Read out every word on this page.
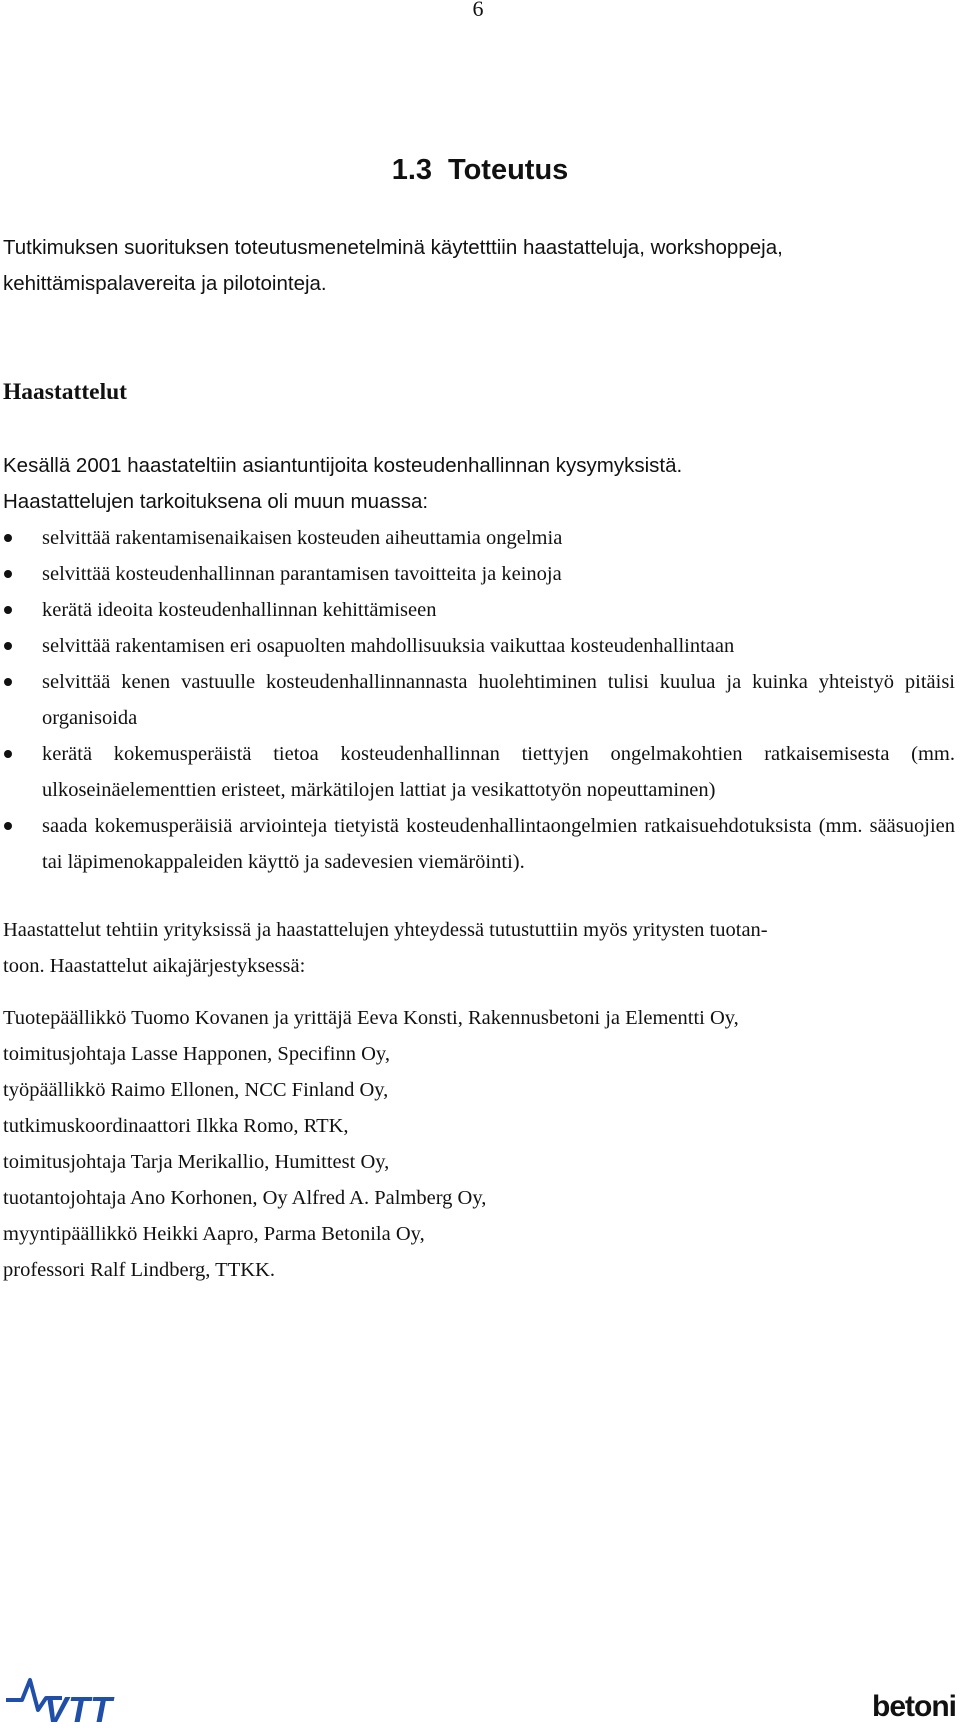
6
1.3 Toteutus

Tutkimuksen suorituksen toteutusmenetelminä käytetttiin haastatteluja, workshoppeja,

kehittämispalavereita ja pilotointeja.

Haastattelut
Kesällä 2001 haastateltiin asiantuntijoita kosteudenhallinnan kysymyksistä.
Haastattelujen tarkoituksena oli muun muassa:
selvittää rakentamisenaikaisen kosteuden aiheuttamia ongelmia
selvittää kosteudenhallinnan parantamisen tavoitteita ja keinoja
kerätä ideoita kosteudenhallinnan kehittämiseen
selvittää rakentamisen eri osapuolten mahdollisuuksia vaikuttaa kosteudenhallintaan
selvittää kenen vastuulle kosteudenhallinnannasta huolehtiminen tulisi kuulua ja kuinka yhteistyö pitäisi organisoida
kerätä kokemusperäistä tietoa kosteudenhallinnan tiettyjen ongelmakohtien ratkaisemisesta (mm. ulkoseinäelementtien eristeet, märkätilojen lattiat ja vesikattotyön nopeuttaminen)
saada kokemusperäisiä arviointeja tietyistä kosteudenhallintaongelmien ratkaisuehdotuksista (mm. sääsuojien tai läpimenokappaleiden käyttö ja sadevesien viemäröinti).

Haastattelut tehtiin yrityksissä ja haastattelujen yhteydessä tutustuttiin myös yritysten tuotan-

toon. Haastattelut aikajärjestyksessä:

Tuotepäällikkö Tuomo Kovanen ja yrittäjä Eeva Konsti, Rakennusbetoni ja Elementti Oy,
toimitusjohtaja Lasse Happonen, Specifinn Oy,
työpäällikkö Raimo Ellonen, NCC Finland Oy,
tutkimuskoordinaattori Ilkka Romo, RTK,
toimitusjohtaja Tarja Merikallio, Humittest Oy,
tuotantojohtaja Ano Korhonen, Oy Alfred A. Palmberg Oy,
myyntipäällikkö Heikki Aapro, Parma Betonila Oy,
professori Ralf Lindberg, TTKK.
VTT	betoni
